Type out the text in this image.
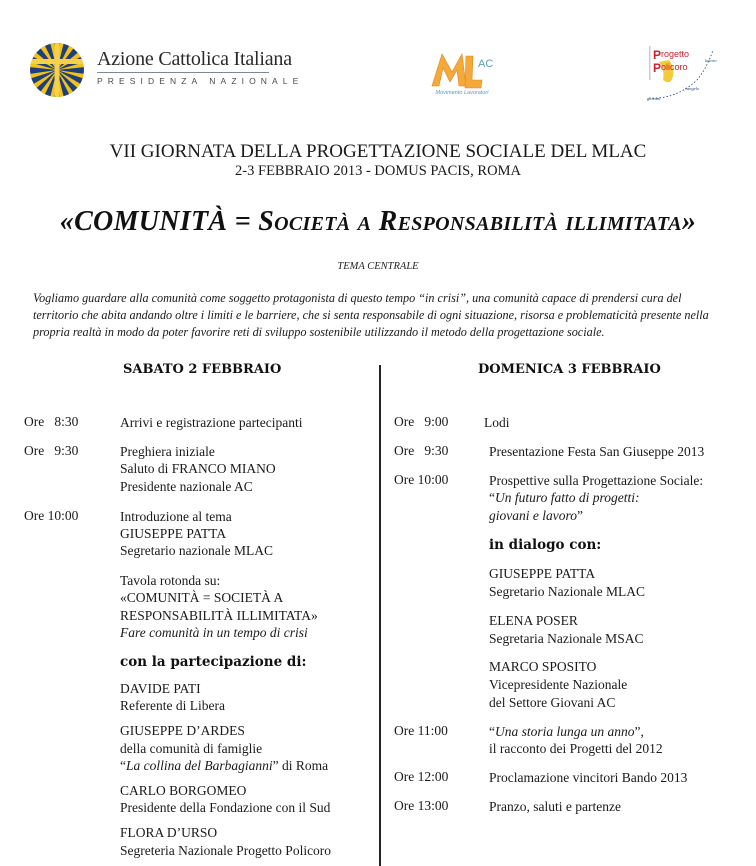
Azione Cattolica Italiana
PRESIDENZA NAZIONALE
AC
Movimento Lavoratori
P rogetto
P olicoro
giovani
vangelo
lavoro
VII GIORNATA DELLA PROGETTAZIONE SOCIALE DEL MLAC
2-3 FEBBRAIO 2013 - DOMUS PACIS, ROMA
«COMUNITÀ = Società a Responsabilità illimitata»
TEMA CENTRALE
Vogliamo guardare alla comunità come soggetto protagonista di questo tempo “in crisi”, una comunità capace di prendersi cura del
territorio che abita andando oltre i limiti e le barriere, che si senta responsabile di ogni situazione, risorsa e problematicità presente nella
propria realtà in modo da poter favorire reti di sviluppo sostenibile utilizzando il metodo della progettazione sociale.
SABATO 2 FEBBRAIO	DOMENICA 3 FEBBRAIO
Ore   8:30	Arrivi e registrazione partecipanti
Ore   9:30	Preghiera iniziale
Saluto di FRANCO MIANO
Presidente nazionale AC
Ore 10:00	Introduzione al tema
GIUSEPPE PATTA
Segretario nazionale MLAC
Tavola rotonda su:
«COMUNITÀ = SOCIETÀ A
RESPONSABILITÀ ILLIMITATA»
Fare comunità in un tempo di crisi
con la partecipazione di:
DAVIDE PATI
Referente di Libera
GIUSEPPE D’ARDES
della comunità di famiglie
“La collina del Barbagianni” di Roma
CARLO BORGOMEO
Presidente della Fondazione con il Sud
FLORA D’URSO
Segreteria Nazionale Progetto Policoro
Ore   9:00	Lodi
Ore   9:30	Presentazione Festa San Giuseppe 2013
Ore 10:00	Prospettive sulla Progettazione Sociale:
“Un futuro fatto di progetti:
giovani e lavoro”
in dialogo con:
GIUSEPPE PATTA
Segretario Nazionale MLAC
ELENA POSER
Segretaria Nazionale MSAC
MARCO SPOSITO
Vicepresidente Nazionale
del Settore Giovani AC
Ore 11:00	“Una storia lunga un anno”,
il racconto dei Progetti del 2012
Ore 12:00	Proclamazione vincitori Bando 2013
Ore 13:00	Pranzo, saluti e partenze
